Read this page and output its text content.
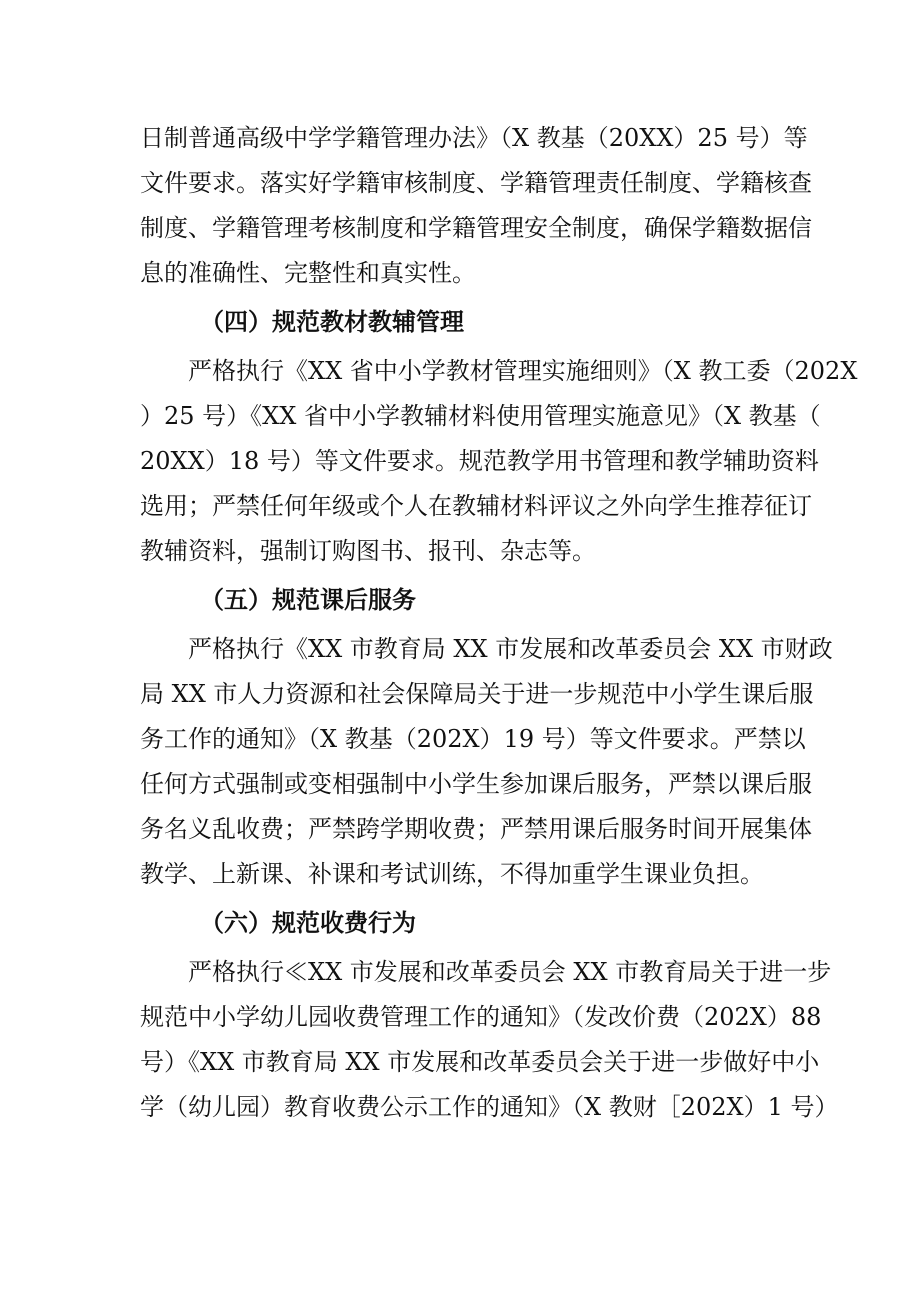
日制普通高级中学学籍管理办法》（X 教基（20XX）25 号）等
文件要求。落实好学籍审核制度、学籍管理责任制度、学籍核查
制度、学籍管理考核制度和学籍管理安全制度，确保学籍数据信
息的准确性、完整性和真实性。
（四）规范教材教辅管理
严格执行《XX 省中小学教材管理实施细则》（X 教工委（202X
）25 号）《XX 省中小学教辅材料使用管理实施意见》（X 教基（
20XX）18 号）等文件要求。规范教学用书管理和教学辅助资料
选用；严禁任何年级或个人在教辅材料评议之外向学生推荐征订
教辅资料，强制订购图书、报刊、杂志等。
（五）规范课后服务
严格执行《XX 市教育局 XX 市发展和改革委员会 XX 市财政
局 XX 市人力资源和社会保障局关于进一步规范中小学生课后服
务工作的通知》（X 教基（202X）19 号）等文件要求。严禁以
任何方式强制或变相强制中小学生参加课后服务，严禁以课后服
务名义乱收费；严禁跨学期收费；严禁用课后服务时间开展集体
教学、上新课、补课和考试训练，不得加重学生课业负担。
（六）规范收费行为
严格执行≪XX 市发展和改革委员会 XX 市教育局关于进一步
规范中小学幼儿园收费管理工作的通知》（发改价费（202X）88
号）《XX 市教育局 XX 市发展和改革委员会关于进一步做好中小
学（幼儿园）教育收费公示工作的通知》（X 教财［202X）1 号）
